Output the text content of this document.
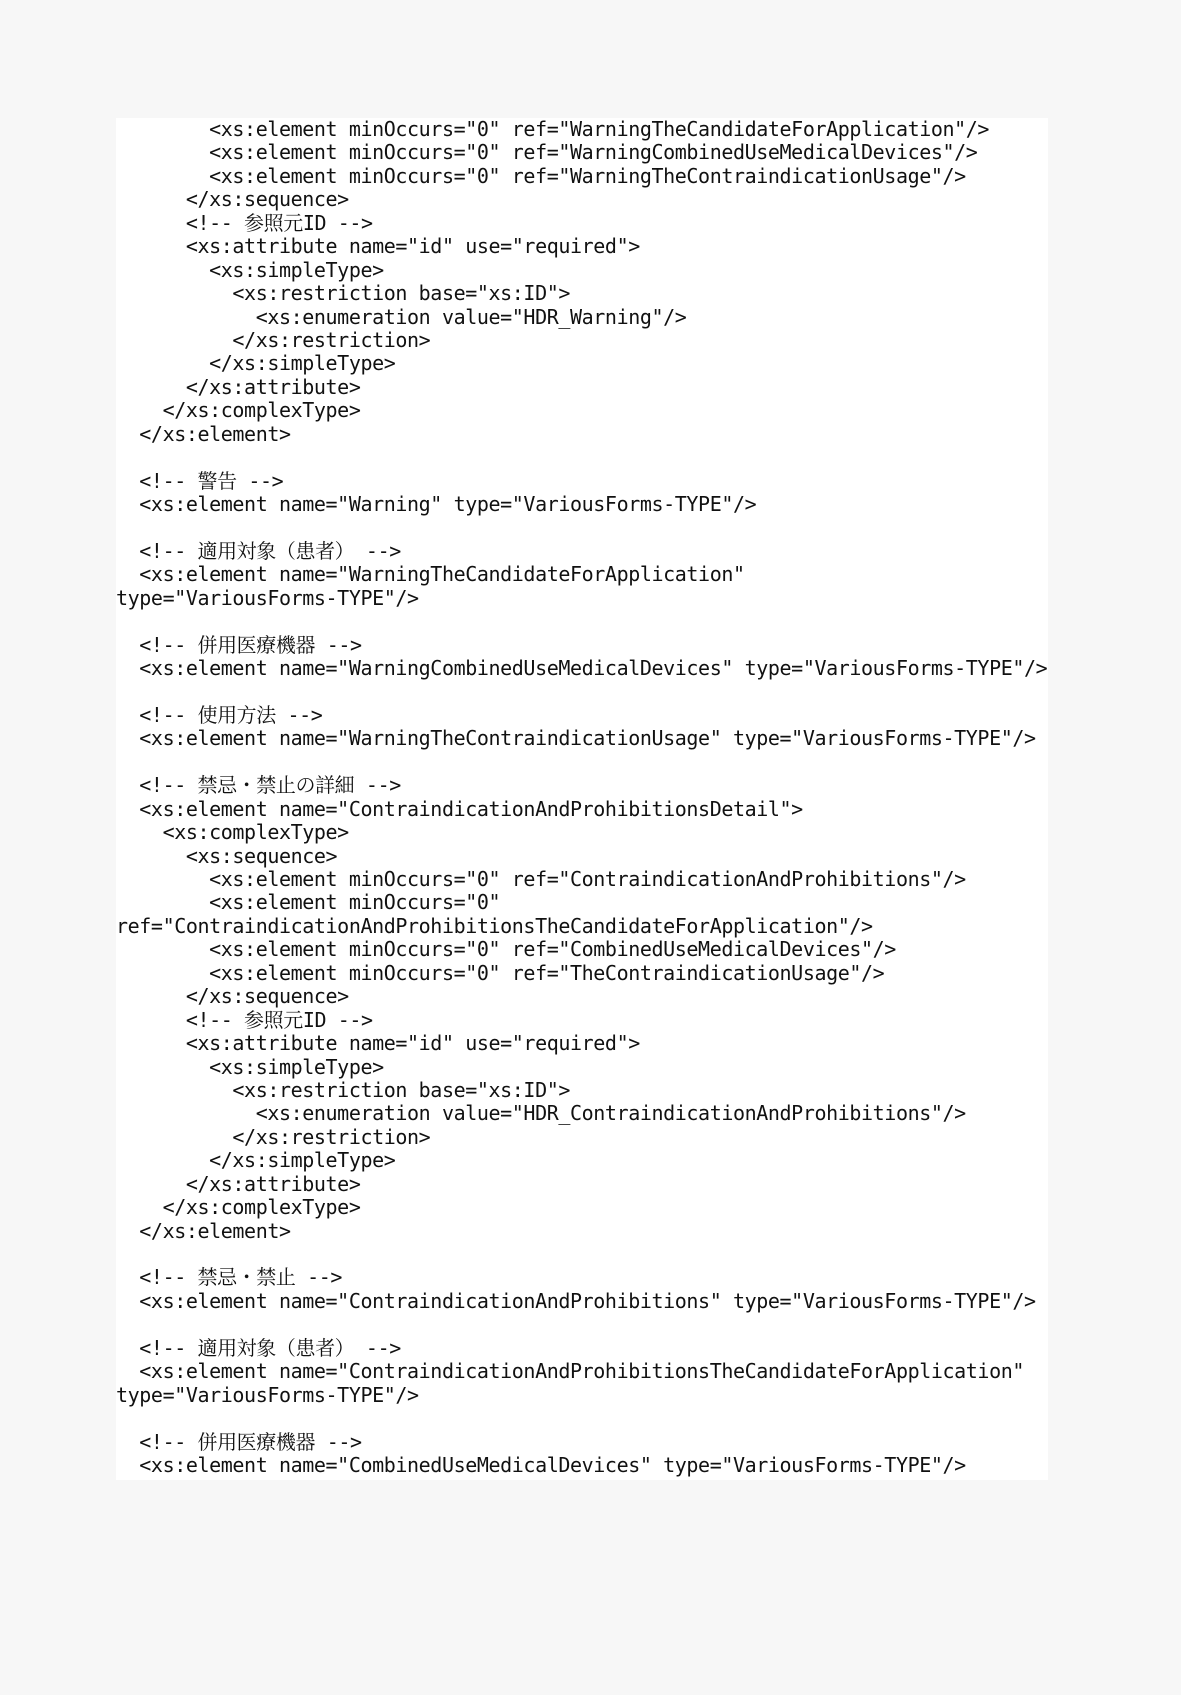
<xs:element minOccurs="0" ref="WarningTheCandidateForApplication"/>
<xs:element minOccurs="0" ref="WarningCombinedUseMedicalDevices"/>
<xs:element minOccurs="0" ref="WarningTheContraindicationUsage"/>
</xs:sequence>
<!-- 参照元ID -->
<xs:attribute name="id" use="required">
<xs:simpleType>
<xs:restriction base="xs:ID">
<xs:enumeration value="HDR_Warning"/>
</xs:restriction>
</xs:simpleType>
</xs:attribute>
</xs:complexType>
</xs:element>
<!-- 警告 -->
<xs:element name="Warning" type="VariousForms-TYPE"/>
<!-- 適用対象（患者） -->
<xs:element name="WarningTheCandidateForApplication"
type="VariousForms-TYPE"/>
<!-- 併用医療機器 -->
<xs:element name="WarningCombinedUseMedicalDevices" type="VariousForms-TYPE"/>
<!-- 使用方法 -->
<xs:element name="WarningTheContraindicationUsage" type="VariousForms-TYPE"/>
<!-- 禁忌・禁止の詳細 -->
<xs:element name="ContraindicationAndProhibitionsDetail">
<xs:complexType>
<xs:sequence>
<xs:element minOccurs="0" ref="ContraindicationAndProhibitions"/>
<xs:element minOccurs="0"
ref="ContraindicationAndProhibitionsTheCandidateForApplication"/>
<xs:element minOccurs="0" ref="CombinedUseMedicalDevices"/>
<xs:element minOccurs="0" ref="TheContraindicationUsage"/>
</xs:sequence>
<!-- 参照元ID -->
<xs:attribute name="id" use="required">
<xs:simpleType>
<xs:restriction base="xs:ID">
<xs:enumeration value="HDR_ContraindicationAndProhibitions"/>
</xs:restriction>
</xs:simpleType>
</xs:attribute>
</xs:complexType>
</xs:element>
<!-- 禁忌・禁止 -->
<xs:element name="ContraindicationAndProhibitions" type="VariousForms-TYPE"/>
<!-- 適用対象（患者） -->
<xs:element name="ContraindicationAndProhibitionsTheCandidateForApplication"
type="VariousForms-TYPE"/>
<!-- 併用医療機器 -->
<xs:element name="CombinedUseMedicalDevices" type="VariousForms-TYPE"/>
